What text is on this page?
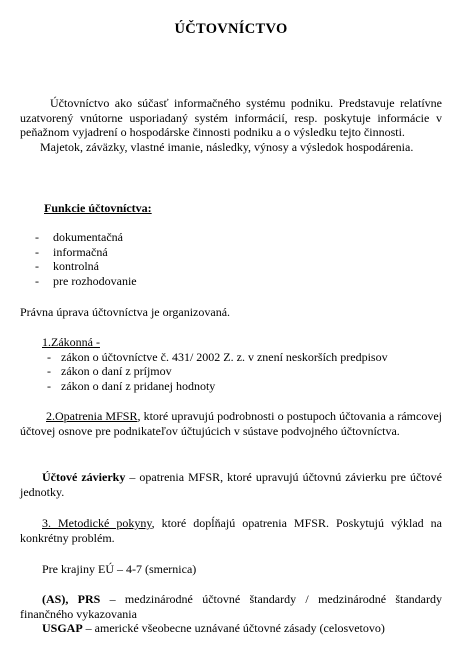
ÚČTOVNÍCTVO
Účtovníctvo ako súčasť informačného systému podniku. Predstavuje relatívne uzatvorený vnútorne usporiadaný systém informácií, resp. poskytuje informácie v peňažnom vyjadrení o hospodárske činnosti podniku a o výsledku tejto činnosti.
Majetok, záväzky, vlastné imanie, následky, výnosy a výsledok hospodárenia.
Funkcie účtovníctva:
- dokumentačná
- informačná
- kontrolná
- pre rozhodovanie
Právna úprava účtovníctva je organizovaná.
1.Zákonná -
- zákon o účtovníctve č. 431/ 2002 Z. z. v znení neskorších predpisov
- zákon o daní z príjmov
- zákon o daní z pridanej hodnoty
2.Opatrenia MFSR, ktoré upravujú podrobnosti o postupoch účtovania a rámcovej účtovej osnove pre podnikateľov účtujúcich v sústave podvojného účtovníctva.
Účtové závierky – opatrenia MFSR, ktoré upravujú účtovnú závierku pre účtové jednotky.
3. Metodické pokyny, ktoré dopĺňajú opatrenia MFSR. Poskytujú výklad na konkrétny problém.
Pre krajiny EÚ – 4-7 (smernica)
(AS), PRS – medzinárodné účtovné štandardy / medzinárodné štandardy finančného vykazovania
USGAP – americké všeobecne uznávané účtovné zásady (celosvetovo)
